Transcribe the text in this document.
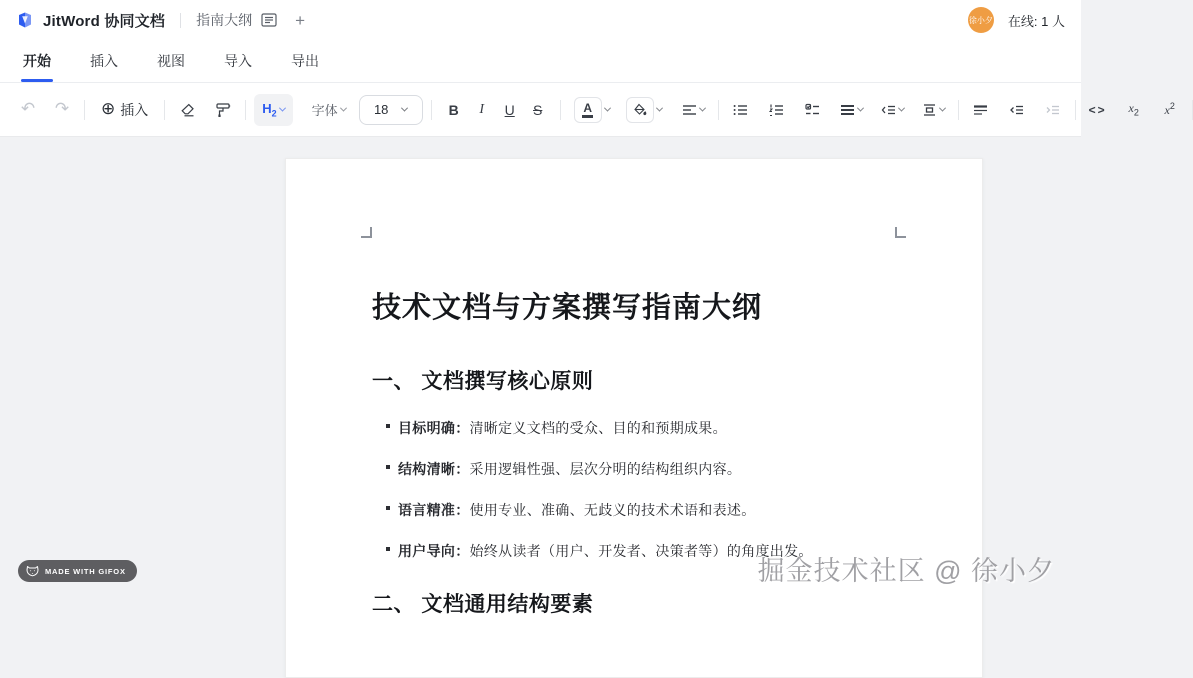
JitWord 协同文档 指南大纲	+	徐小夕 在线: 1 人
开始	插入	视图	导入	导出
↶ ↷ ⊕ 插入	$H_2$	字体	18	B	I	U	S	A	<>	$x_2$ $x^2$
技术文档与方案撰写指南大纲
一、 文档撰写核心原则
目标明确：清晰定义文档的受众、目的和预期成果。
结构清晰：采用逻辑性强、层次分明的结构组织内容。
语言精准：使用专业、准确、无歧义的技术术语和表述。
用户导向：始终从读者（用户、开发者、决策者等）的角度出发。
二、 文档通用结构要素
MADE WITH GIFOX	掘金技术社区 @ 徐小夕
